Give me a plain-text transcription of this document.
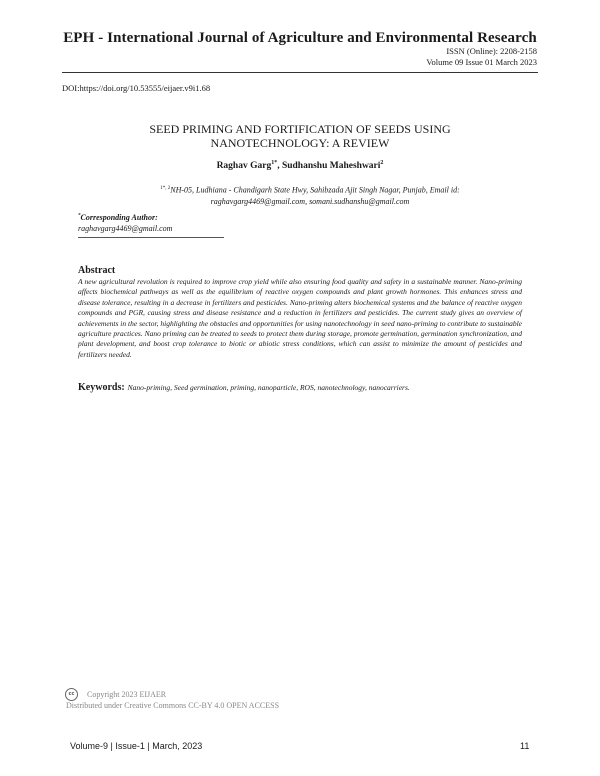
EPH - International Journal of Agriculture and Environmental Research
ISSN (Online): 2208-2158
Volume 09 Issue 01 March 2023
DOI:https://doi.org/10.53555/eijaer.v9i1.68
SEED PRIMING AND FORTIFICATION OF SEEDS USING
NANOTECHNOLOGY: A REVIEW
Raghav Garg$^{1*}$, Sudhanshu Maheshwari$^2$
$^{1*, 2}$NH-05, Ludhiana - Chandigarh State Hwy, Sahibzada Ajit Singh Nagar, Punjab, Email id:
raghavgarg4469@gmail.com, somani.sudhanshu@gmail.com
*Corresponding Author:
raghavgarg4469@gmail.com
Abstract
A new agricultural revolution is required to improve crop yield while also ensuring food quality and safety in a sustainable manner. Nano-priming affects biochemical pathways as well as the equilibrium of reactive oxygen compounds and plant growth hormones. This enhances stress and disease tolerance, resulting in a decrease in fertilizers and pesticides. Nano-priming alters biochemical systems and the balance of reactive oxygen compounds and PGR, causing stress and disease resistance and a reduction in fertilizers and pesticides. The current study gives an overview of achievements in the sector, highlighting the obstacles and opportunities for using nanotechnology in seed nano-priming to contribute to sustainable agriculture practices. Nano priming can be treated to seeds to protect them during storage, promote germination, germination synchronization, and plant development, and boost crop tolerance to biotic or abiotic stress conditions, which can assist to minimize the amount of pesticides and fertilizers needed.
Keywords: Nano-priming, Seed germination, priming, nanoparticle, ROS, nanotechnology, nanocarriers.
cc	Copyright 2023 EIJAER
Distributed under Creative Commons CC-BY 4.0 OPEN ACCESS
Volume-9 | Issue-1 | March, 2023	11
